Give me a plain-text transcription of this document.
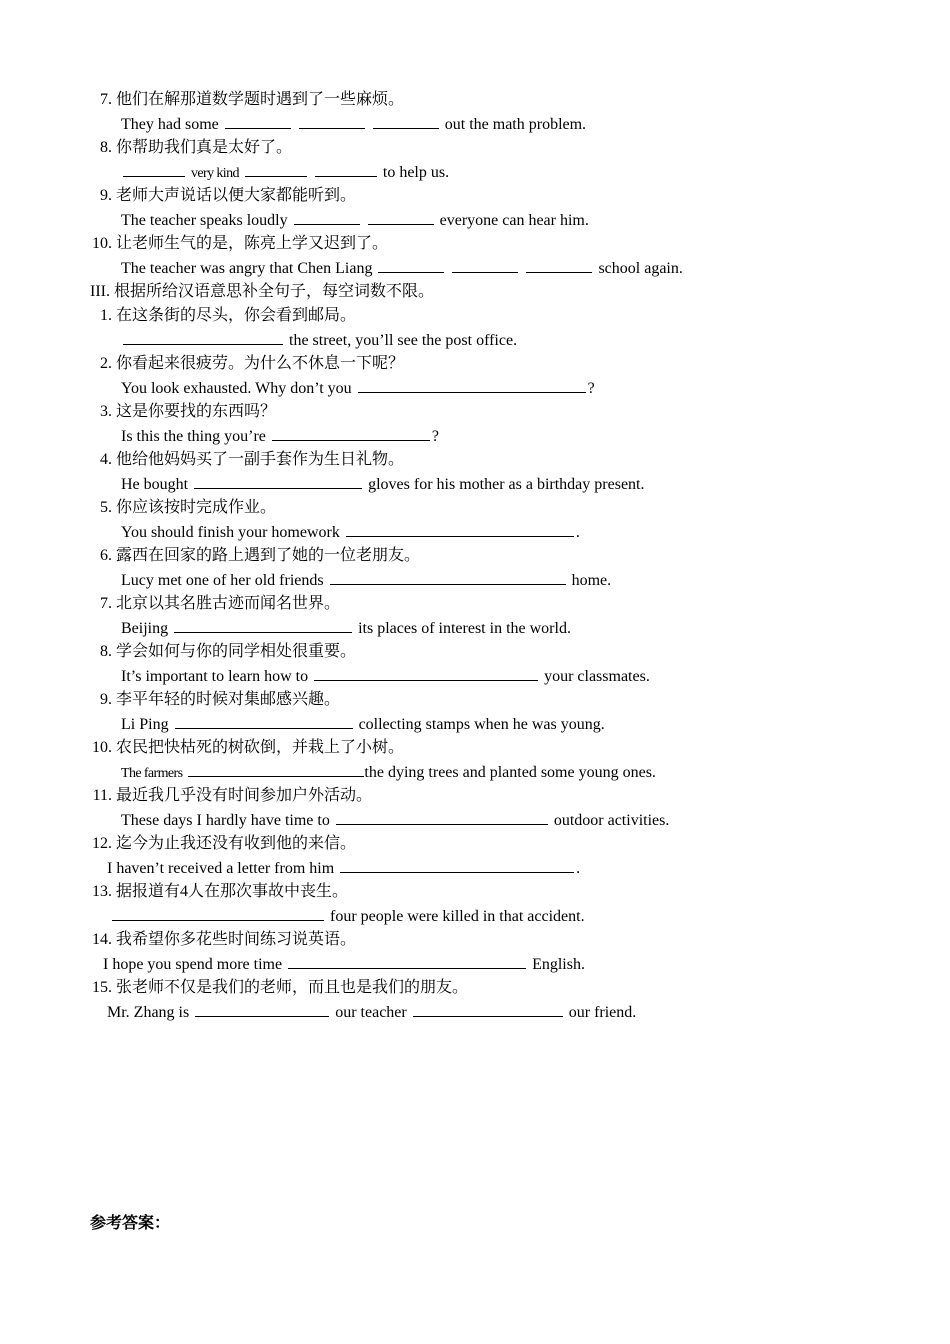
7. 他们在解那道数学题时遇到了一些麻烦。
They had some	out the math problem.
8. 你帮助我们真是太好了。
very kind	to help us.
9. 老师大声说话以便大家都能听到。
The teacher speaks loudly	everyone can hear him.
10. 让老师生气的是，陈亮上学又迟到了。
The teacher was angry that Chen Liang	school again.
III. 根据所给汉语意思补全句子，每空词数不限。
1. 在这条街的尽头，你会看到邮局。
the street, you’ll see the post office.
2. 你看起来很疲劳。为什么不休息一下呢？
You look exhausted. Why don’t you	?
3. 这是你要找的东西吗？
Is this the thing you’re	?
4. 他给他妈妈买了一副手套作为生日礼物。
He bought	gloves for his mother as a birthday present.
5. 你应该按时完成作业。
You should finish your homework	.
6. 露西在回家的路上遇到了她的一位老朋友。
Lucy met one of her old friends	home.
7. 北京以其名胜古迹而闻名世界。
Beijing	its places of interest in the world.
8. 学会如何与你的同学相处很重要。
It’s important to learn how to	your classmates.
9. 李平年轻的时候对集邮感兴趣。
Li Ping	collecting stamps when he was young.
10. 农民把快枯死的树砍倒，并栽上了小树。
The farmers	the dying trees and planted some young ones.
11. 最近我几乎没有时间参加户外活动。
These days I hardly have time to	outdoor activities.
12. 迄今为止我还没有收到他的来信。
I haven’t received a letter from him	.
13. 据报道有4人在那次事故中丧生。
four people were killed in that accident.
14. 我希望你多花些时间练习说英语。
I hope you spend more time	English.
15. 张老师不仅是我们的老师，而且也是我们的朋友。
Mr. Zhang is	our teacher	our friend.
参考答案：
